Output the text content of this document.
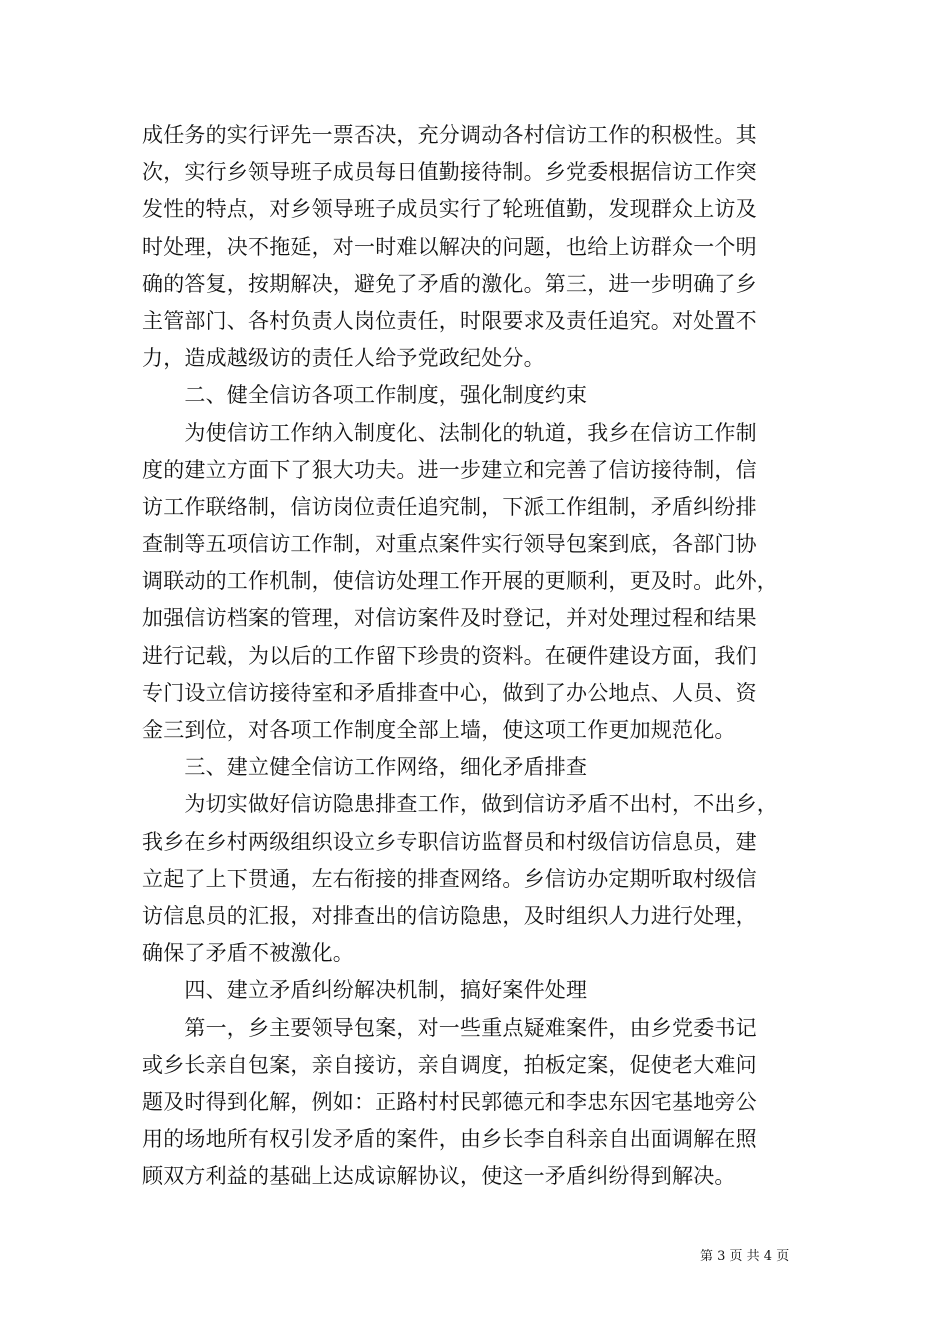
成任务的实行评先一票否决，充分调动各村信访工作的积极性。其
次，实行乡领导班子成员每日值勤接待制。乡党委根据信访工作突
发性的特点，对乡领导班子成员实行了轮班值勤，发现群众上访及
时处理，决不拖延，对一时难以解决的问题，也给上访群众一个明
确的答复，按期解决，避免了矛盾的激化。第三，进一步明确了乡
主管部门、各村负责人岗位责任，时限要求及责任追究。对处置不
力，造成越级访的责任人给予党政纪处分。
　　二、健全信访各项工作制度，强化制度约束
　　为使信访工作纳入制度化、法制化的轨道，我乡在信访工作制
度的建立方面下了狠大功夫。进一步建立和完善了信访接待制，信
访工作联络制，信访岗位责任追究制，下派工作组制，矛盾纠纷排
查制等五项信访工作制，对重点案件实行领导包案到底，各部门协
调联动的工作机制，使信访处理工作开展的更顺利，更及时。此外，
加强信访档案的管理，对信访案件及时登记，并对处理过程和结果
进行记载，为以后的工作留下珍贵的资料。在硬件建设方面，我们
专门设立信访接待室和矛盾排查中心，做到了办公地点、人员、资
金三到位，对各项工作制度全部上墙，使这项工作更加规范化。
　　三、建立健全信访工作网络，细化矛盾排查
　　为切实做好信访隐患排查工作，做到信访矛盾不出村，不出乡，
我乡在乡村两级组织设立乡专职信访监督员和村级信访信息员，建
立起了上下贯通，左右衔接的排查网络。乡信访办定期听取村级信
访信息员的汇报，对排查出的信访隐患，及时组织人力进行处理，
确保了矛盾不被激化。
　　四、建立矛盾纠纷解决机制，搞好案件处理
　　第一，乡主要领导包案，对一些重点疑难案件，由乡党委书记
或乡长亲自包案，亲自接访，亲自调度，拍板定案，促使老大难问
题及时得到化解，例如：正路村村民郭德元和李忠东因宅基地旁公
用的场地所有权引发矛盾的案件，由乡长李自科亲自出面调解在照
顾双方利益的基础上达成谅解协议，使这一矛盾纠纷得到解决。
第 3 页 共 4 页
